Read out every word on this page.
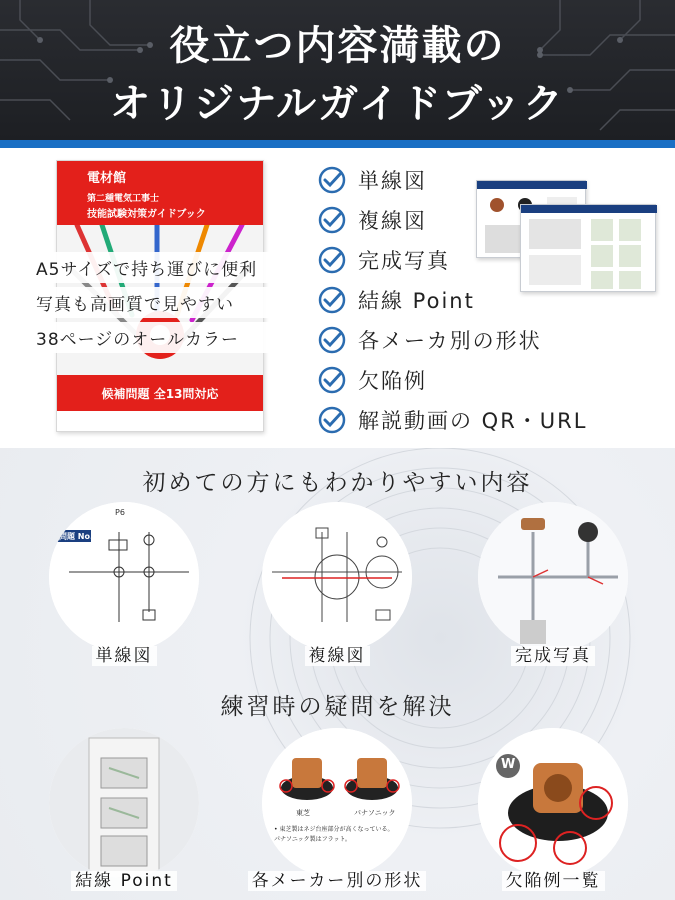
役立つ内容満載の
オリジナルガイドブック
電材館
第二種電気工事士
技能試験対策ガイドブック
候補問題 全13問対応
A5サイズで持ち運びに便利
写真も高画質で見やすい
38ページのオールカラー
単線図
複線図
完成写真
結線 Point
各メーカ別の形状
欠陥例
解説動画の QR・URL
初めての方にもわかりやすい内容
問題 No.1
P6
単線図	複線図	完成写真
練習時の疑問を解決
結線 Point
東芝	パナソニック
• 東芝製はネジ台座部分が高くなっている。
パナソニック製はフラット。
各メーカー別の形状
W
欠陥例一覧
